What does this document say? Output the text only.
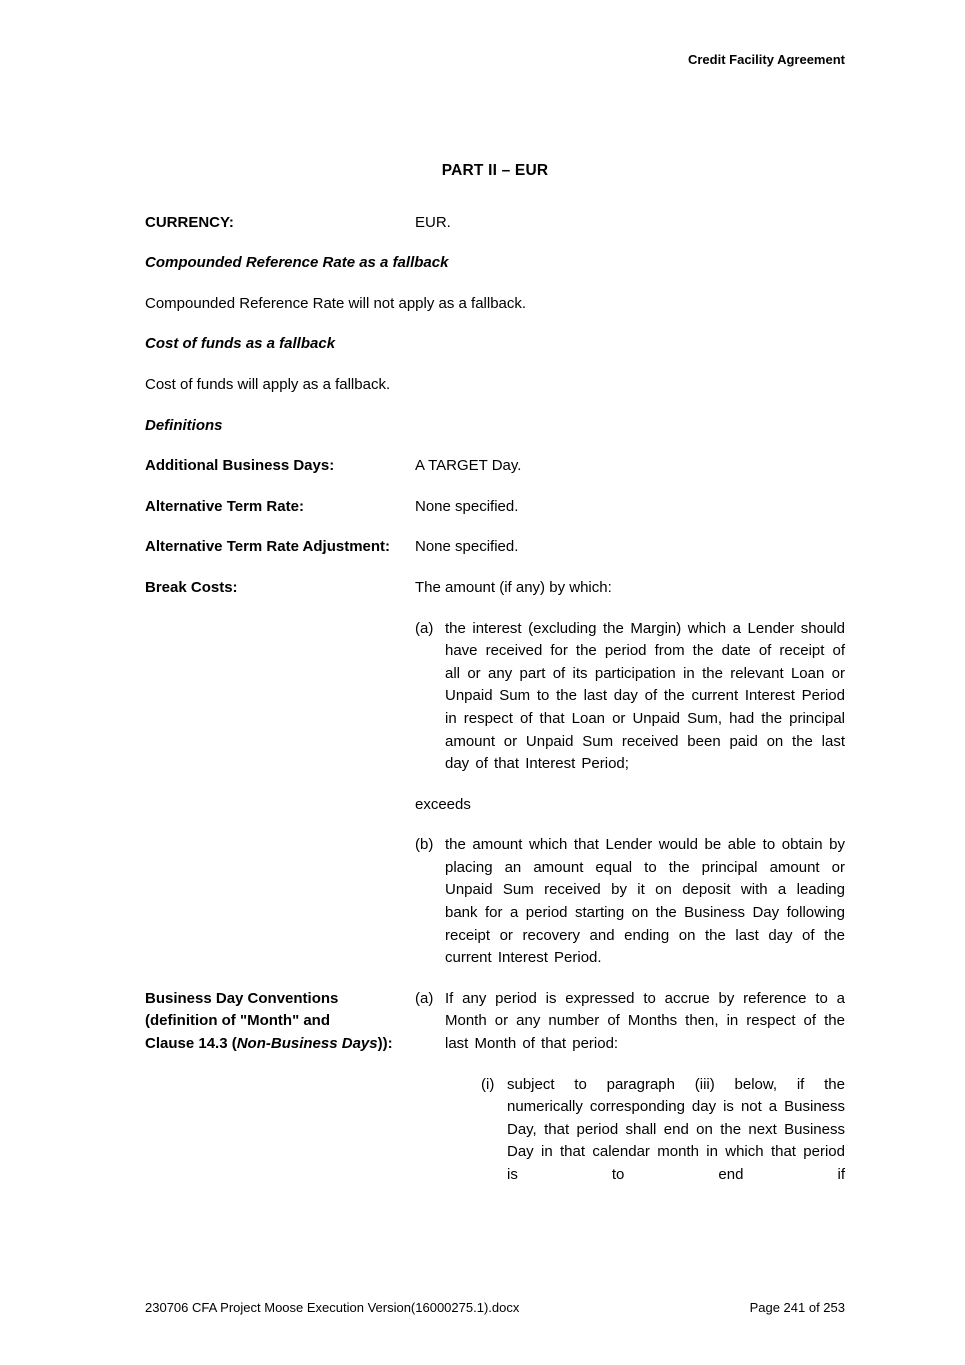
Credit Facility Agreement
PART II – EUR
CURRENCY:	EUR.
Compounded Reference Rate as a fallback
Compounded Reference Rate will not apply as a fallback.
Cost of funds as a fallback
Cost of funds will apply as a fallback.
Definitions
Additional Business Days:	A TARGET Day.
Alternative Term Rate:	None specified.
Alternative Term Rate Adjustment:	None specified.
Break Costs:	The amount (if any) by which:
(a) the interest (excluding the Margin) which a Lender should have received for the period from the date of receipt of all or any part of its participation in the relevant Loan or Unpaid Sum to the last day of the current Interest Period in respect of that Loan or Unpaid Sum, had the principal amount or Unpaid Sum received been paid on the last day of that Interest Period;
exceeds
(b) the amount which that Lender would be able to obtain by placing an amount equal to the principal amount or Unpaid Sum received by it on deposit with a leading bank for a period starting on the Business Day following receipt or recovery and ending on the last day of the current Interest Period.
Business Day Conventions
(definition of "Month" and
Clause 14.3 (Non-Business Days)):
(a) If any period is expressed to accrue by reference to a Month or any number of Months then, in respect of the last Month of that period:
(i) subject to paragraph (iii) below, if the numerically corresponding day is not a Business Day, that period shall end on the next Business Day in that calendar month in which that period is to end if
230706 CFA Project Moose Execution Version(16000275.1).docx	Page 241 of 253
